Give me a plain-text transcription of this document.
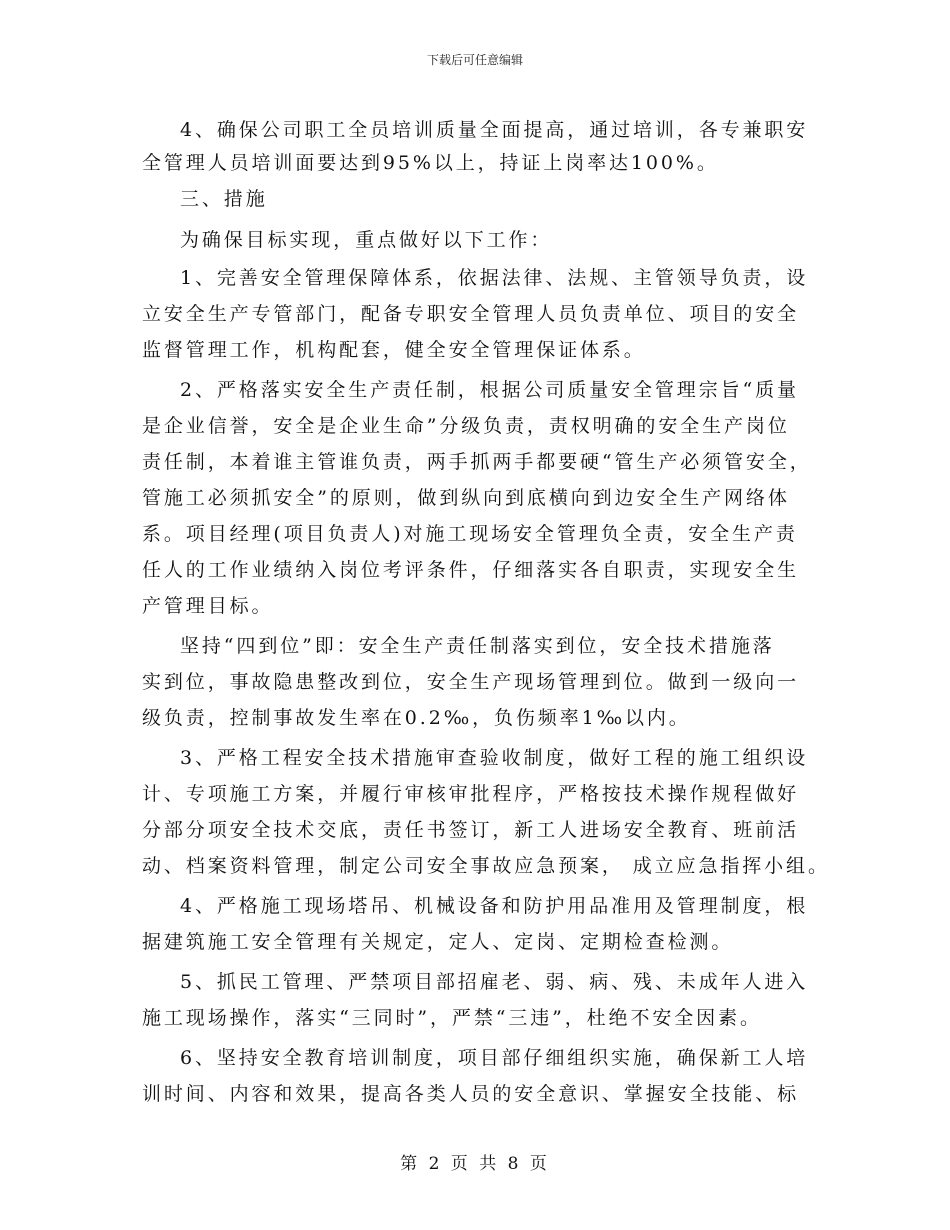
下载后可任意编辑
4、确保公司职工全员培训质量全面提高，通过培训，各专兼职安
全管理人员培训面要达到95%以上，持证上岗率达100%。
三、措施
为确保目标实现，重点做好以下工作：
1、完善安全管理保障体系，依据法律、法规、主管领导负责，设
立安全生产专管部门，配备专职安全管理人员负责单位、项目的安全
监督管理工作，机构配套，健全安全管理保证体系。
2、严格落实安全生产责任制，根据公司质量安全管理宗旨“质量
是企业信誉，安全是企业生命”分级负责，责权明确的安全生产岗位
责任制，本着谁主管谁负责，两手抓两手都要硬“管生产必须管安全，
管施工必须抓安全”的原则，做到纵向到底横向到边安全生产网络体
系。项目经理(项目负责人)对施工现场安全管理负全责，安全生产责
任人的工作业绩纳入岗位考评条件，仔细落实各自职责，实现安全生
产管理目标。
坚持“四到位”即：安全生产责任制落实到位，安全技术措施落
实到位，事故隐患整改到位，安全生产现场管理到位。做到一级向一
级负责，控制事故发生率在0.2‰，负伤频率1‰以内。
3、严格工程安全技术措施审查验收制度，做好工程的施工组织设
计、专项施工方案，并履行审核审批程序，严格按技术操作规程做好
分部分项安全技术交底，责任书签订，新工人进场安全教育、班前活
动、档案资料管理，制定公司安全事故应急预案， 成立应急指挥小组。
4、严格施工现场塔吊、机械设备和防护用品准用及管理制度，根
据建筑施工安全管理有关规定，定人、定岗、定期检查检测。
5、抓民工管理、严禁项目部招雇老、弱、病、残、未成年人进入
施工现场操作，落实“三同时”，严禁“三违”，杜绝不安全因素。
6、坚持安全教育培训制度，项目部仔细组织实施，确保新工人培
训时间、内容和效果，提高各类人员的安全意识、掌握安全技能、标
第 2 页 共 8 页
